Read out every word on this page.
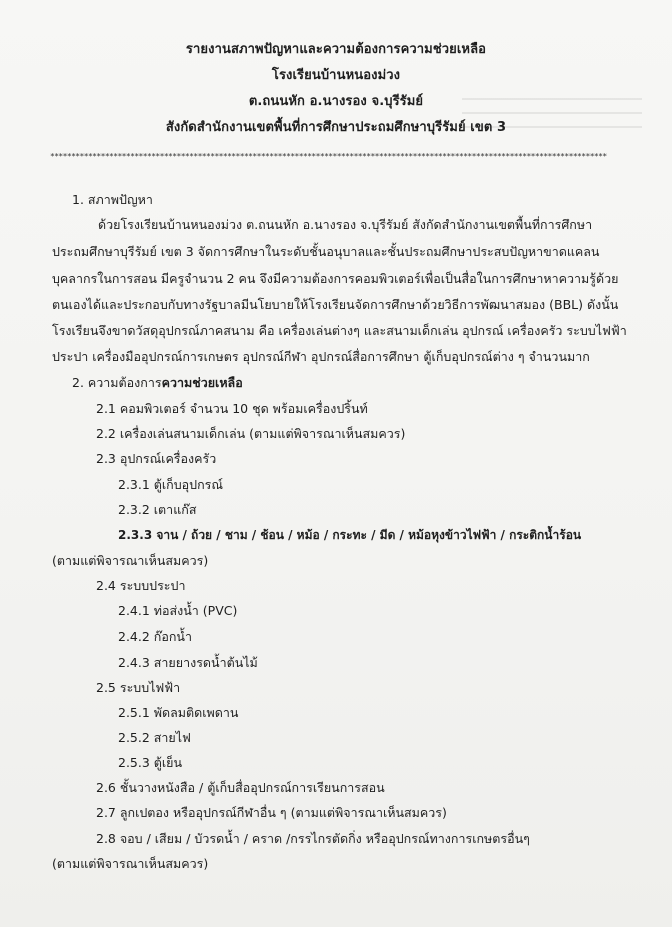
รายงานสภาพปัญหาและความต้องการความช่วยเหลือ
โรงเรียนบ้านหนองม่วง
ต.ถนนหัก อ.นางรอง จ.บุรีรัมย์
สังกัดสำนักงานเขตพื้นที่การศึกษาประถมศึกษาบุรีรัมย์ เขต 3
************************************************************************************************************************************
1. สภาพปัญหา
ด้วยโรงเรียนบ้านหนองม่วง ต.ถนนหัก อ.นางรอง จ.บุรีรัมย์ สังกัดสำนักงานเขตพื้นที่การศึกษา
ประถมศึกษาบุรีรัมย์ เขต 3 จัดการศึกษาในระดับชั้นอนุบาลและชั้นประถมศึกษาประสบปัญหาขาดแคลน
บุคลากรในการสอน มีครูจำนวน 2 คน จึงมีความต้องการคอมพิวเตอร์เพื่อเป็นสื่อในการศึกษาหาความรู้ด้วย
ตนเองได้และประกอบกับทางรัฐบาลมีนโยบายให้โรงเรียนจัดการศึกษาด้วยวิธีการพัฒนาสมอง (BBL) ดังนั้น
โรงเรียนจึงขาดวัสดุอุปกรณ์ภาคสนาม คือ เครื่องเล่นต่างๆ และสนามเด็กเล่น อุปกรณ์ เครื่องครัว ระบบไฟฟ้า
ประปา เครื่องมืออุปกรณ์การเกษตร อุปกรณ์กีฬา อุปกรณ์สื่อการศึกษา ตู้เก็บอุปกรณ์ต่าง ๆ จำนวนมาก
2. ความต้องการความช่วยเหลือ
2.1 คอมพิวเตอร์ จำนวน 10 ชุด พร้อมเครื่องปริ้นท์
2.2 เครื่องเล่นสนามเด็กเล่น (ตามแต่พิจารณาเห็นสมควร)
2.3 อุปกรณ์เครื่องครัว
2.3.1 ตู้เก็บอุปกรณ์
2.3.2 เตาแก๊ส
2.3.3 จาน / ถ้วย / ชาม / ช้อน / หม้อ / กระทะ / มีด / หม้อหุงข้าวไฟฟ้า / กระติกน้ำร้อน
(ตามแต่พิจารณาเห็นสมควร)
2.4 ระบบประปา
2.4.1 ท่อส่งน้ำ (PVC)
2.4.2 ก๊อกน้ำ
2.4.3 สายยางรดน้ำต้นไม้
2.5 ระบบไฟฟ้า
2.5.1 พัดลมติดเพดาน
2.5.2 สายไฟ
2.5.3 ตู้เย็น
2.6 ชั้นวางหนังสือ / ตู้เก็บสื่ออุปกรณ์การเรียนการสอน
2.7 ลูกเปตอง หรืออุปกรณ์กีฬาอื่น ๆ (ตามแต่พิจารณาเห็นสมควร)
2.8 จอบ / เสียม / บัวรดน้ำ / คราด /กรรไกรตัดกิ่ง หรืออุปกรณ์ทางการเกษตรอื่นๆ
(ตามแต่พิจารณาเห็นสมควร)
